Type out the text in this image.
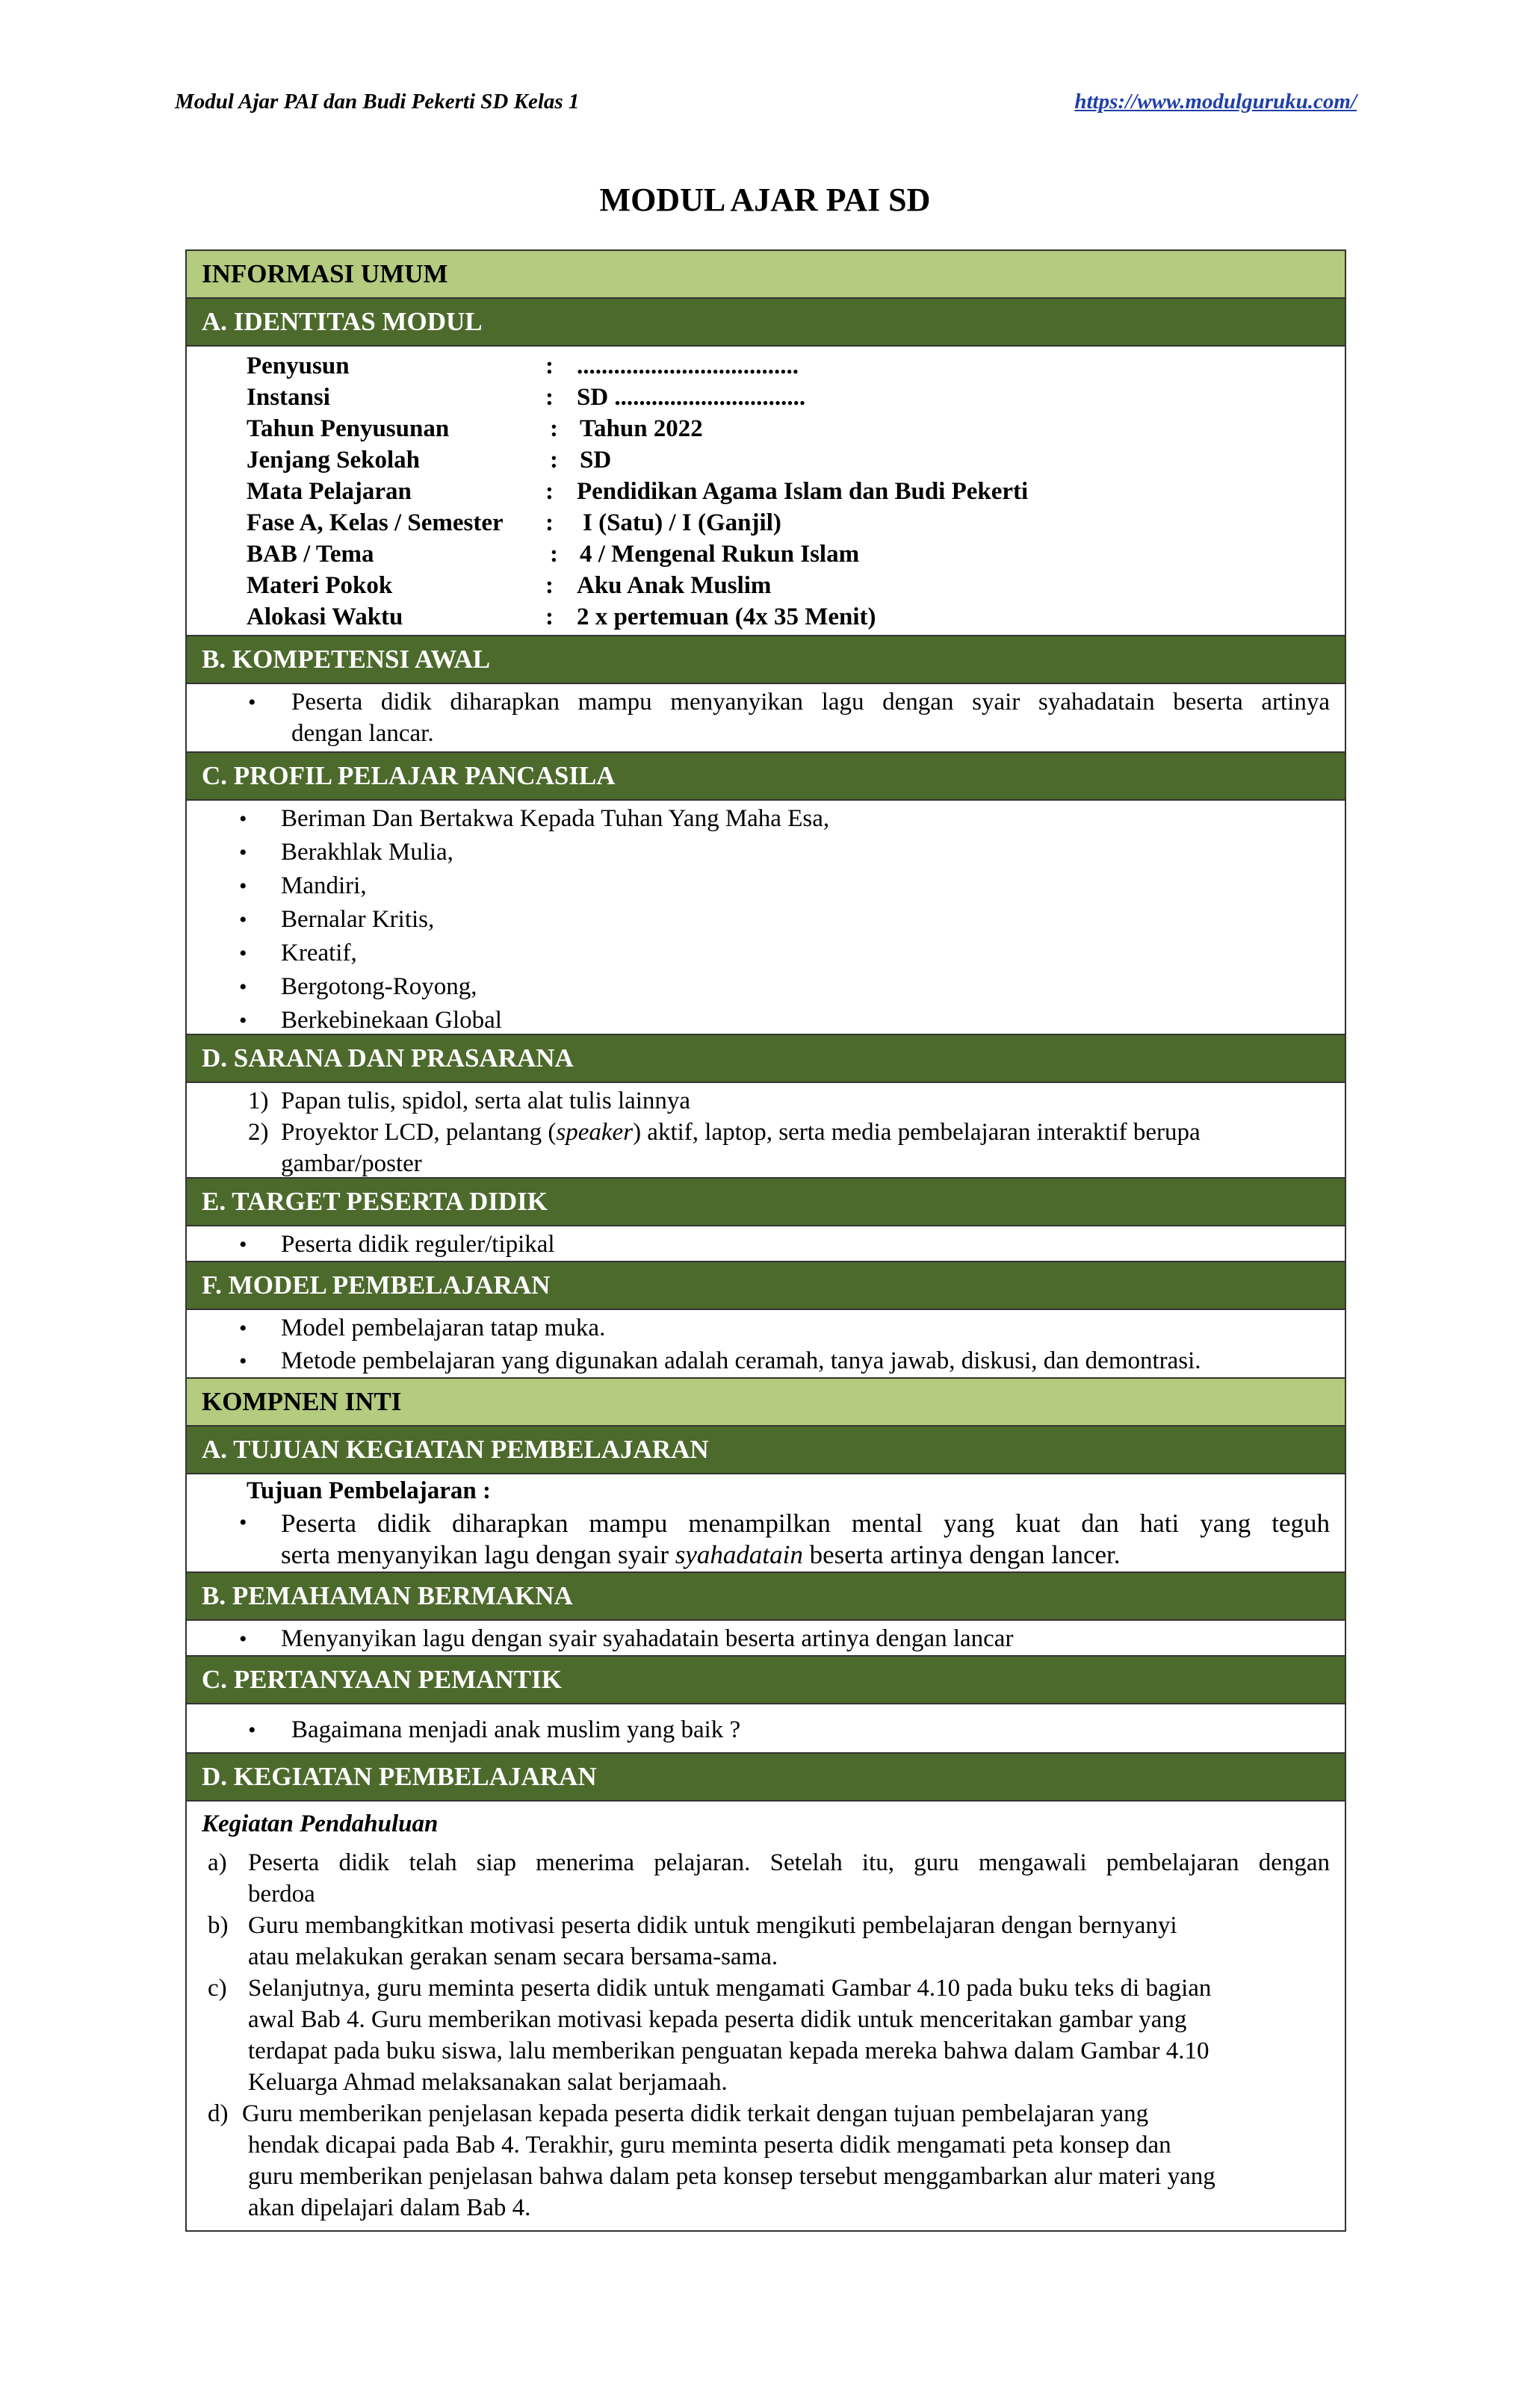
Modul Ajar PAI dan Budi Pekerti SD Kelas 1	https://www.modulguruku.com/
MODUL AJAR PAI SD
INFORMASI UMUM
A. IDENTITAS MODUL
Penyusun	: ....................................
Instansi	: SD ...............................
Tahun Penyusunan	: Tahun 2022
Jenjang Sekolah	: SD
Mata Pelajaran	: Pendidikan Agama Islam dan Budi Pekerti
Fase A, Kelas / Semester : I (Satu) / I (Ganjil)
BAB / Tema	: 4 / Mengenal Rukun Islam
Materi Pokok	: Aku Anak Muslim
Alokasi Waktu	: 2 x pertemuan (4x 35 Menit)
B. KOMPETENSI AWAL
• Peserta didik diharapkan mampu menyanyikan lagu dengan syair syahadatain beserta artinya
dengan lancar.
C. PROFIL PELAJAR PANCASILA
• Beriman Dan Bertakwa Kepada Tuhan Yang Maha Esa,
• Berakhlak Mulia,
• Mandiri,
• Bernalar Kritis,
• Kreatif,
• Bergotong-Royong,
• Berkebinekaan Global
D. SARANA DAN PRASARANA
1) Papan tulis, spidol, serta alat tulis lainnya
2) Proyektor LCD, pelantang (speaker) aktif, laptop, serta media pembelajaran interaktif berupa
gambar/poster
E. TARGET PESERTA DIDIK
• Peserta didik reguler/tipikal
F. MODEL PEMBELAJARAN
• Model pembelajaran tatap muka.
• Metode pembelajaran yang digunakan adalah ceramah, tanya jawab, diskusi, dan demontrasi.
KOMPNEN INTI
A. TUJUAN KEGIATAN PEMBELAJARAN
Tujuan Pembelajaran :
• Peserta didik diharapkan mampu menampilkan mental yang kuat dan hati yang teguh
serta menyanyikan lagu dengan syair syahadatain beserta artinya dengan lancer.
B. PEMAHAMAN BERMAKNA
• Menyanyikan lagu dengan syair syahadatain beserta artinya dengan lancar
C. PERTANYAAN PEMANTIK
• Bagaimana menjadi anak muslim yang baik ?
D. KEGIATAN PEMBELAJARAN
Kegiatan Pendahuluan
a) Peserta didik telah siap menerima pelajaran. Setelah itu, guru mengawali pembelajaran dengan
berdoa
b) Guru membangkitkan motivasi peserta didik untuk mengikuti pembelajaran dengan bernyanyi
atau melakukan gerakan senam secara bersama-sama.
c) Selanjutnya, guru meminta peserta didik untuk mengamati Gambar 4.10 pada buku teks di bagian
awal Bab 4. Guru memberikan motivasi kepada peserta didik untuk menceritakan gambar yang
terdapat pada buku siswa, lalu memberikan penguatan kepada mereka bahwa dalam Gambar 4.10
Keluarga Ahmad melaksanakan salat berjamaah.
d) Guru memberikan penjelasan kepada peserta didik terkait dengan tujuan pembelajaran yang
hendak dicapai pada Bab 4. Terakhir, guru meminta peserta didik mengamati peta konsep dan
guru memberikan penjelasan bahwa dalam peta konsep tersebut menggambarkan alur materi yang
akan dipelajari dalam Bab 4.
